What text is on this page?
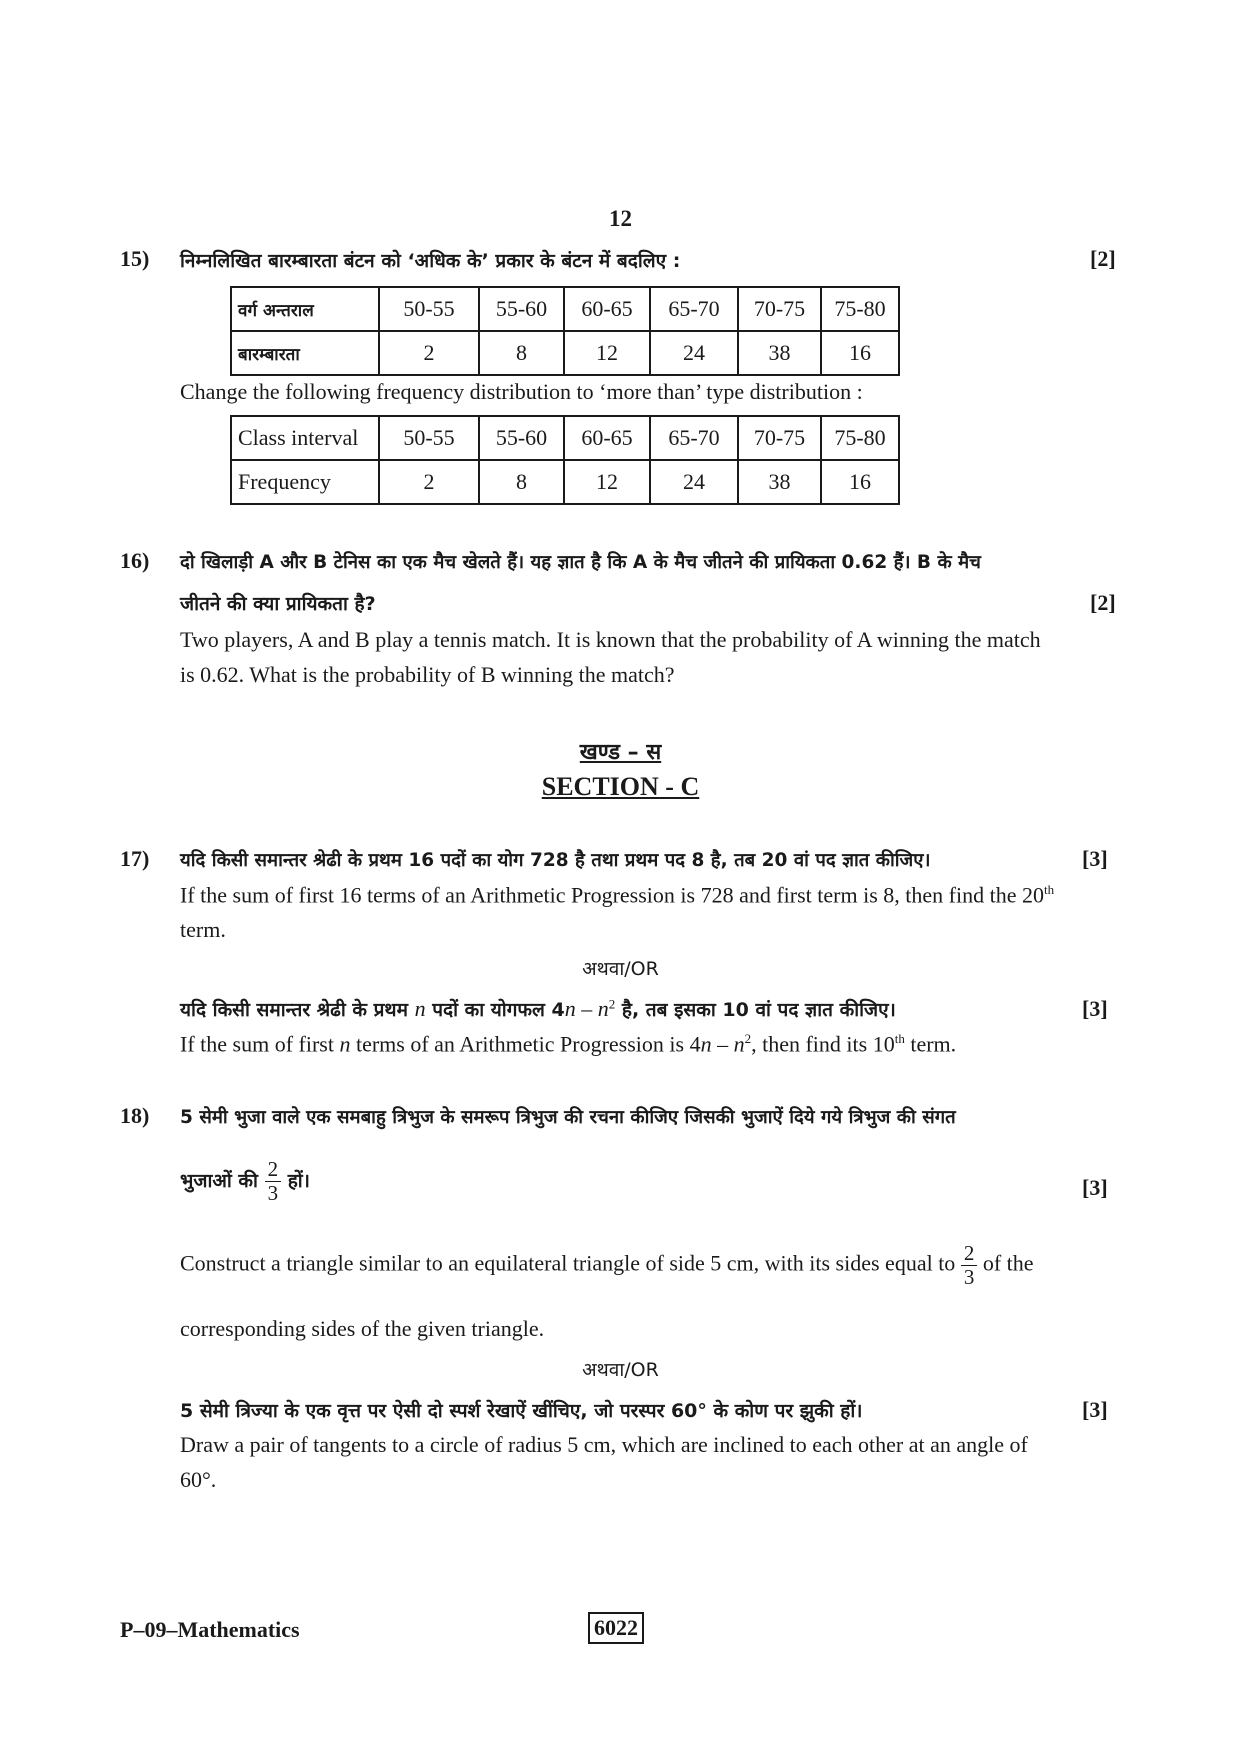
12
15) निम्नलिखित बारम्बारता बंटन को ‘अधिक के’ प्रकार के बंटन में बदलिए :	[2]
वर्ग अन्तराल	50-55	55-60	60-65	65-70	70-75	75-80
बारम्बारता	2	8	12	24	38	16
Change the following frequency distribution to ‘more than’ type distribution :
Class interval	50-55	55-60	60-65	65-70	70-75	75-80
Frequency	2	8	12	24	38	16
16) दो खिलाड़ी A और B टेनिस का एक मैच खेलते हैं। यह ज्ञात है कि A के मैच जीतने की प्रायिकता 0.62 हैं। B के मैच
जीतने की क्या प्रायिकता है?	[2]
Two players, A and B play a tennis match. It is known that the probability of A winning the match
is 0.62. What is the probability of B winning the match?
खण्ड – स
SECTION - C
17) यदि किसी समान्तर श्रेढी के प्रथम 16 पदों का योग 728 है तथा प्रथम पद 8 है, तब 20 वां पद ज्ञात कीजिए।	[3]
If the sum of first 16 terms of an Arithmetic Progression is 728 and first term is 8, then find the 20th
term.
अथवा/OR
यदि किसी समान्तर श्रेढी के प्रथम n पदों का योगफल $4n - n^2$ है, तब इसका 10 वां पद ज्ञात कीजिए।	[3]
If the sum of first n terms of an Arithmetic Progression is $4n - n^2$, then find its 10th term.
18) 5 सेमी भुजा वाले एक समबाहु त्रिभुज के समरूप त्रिभुज की रचना कीजिए जिसकी भुजाऐं दिये गये त्रिभुज की संगत
भुजाओं की $\frac{2}{3}$ हों।	[3]
Construct a triangle similar to an equilateral triangle of side 5 cm, with its sides equal to $\frac{2}{3}$ of the
corresponding sides of the given triangle.
अथवा/OR
5 सेमी त्रिज्या के एक वृत्त पर ऐसी दो स्पर्श रेखाऐं खींचिए, जो परस्पर 60° के कोण पर झुकी हों।	[3]
Draw a pair of tangents to a circle of radius 5 cm, which are inclined to each other at an angle of
60°.
P–09–Mathematics	6022
